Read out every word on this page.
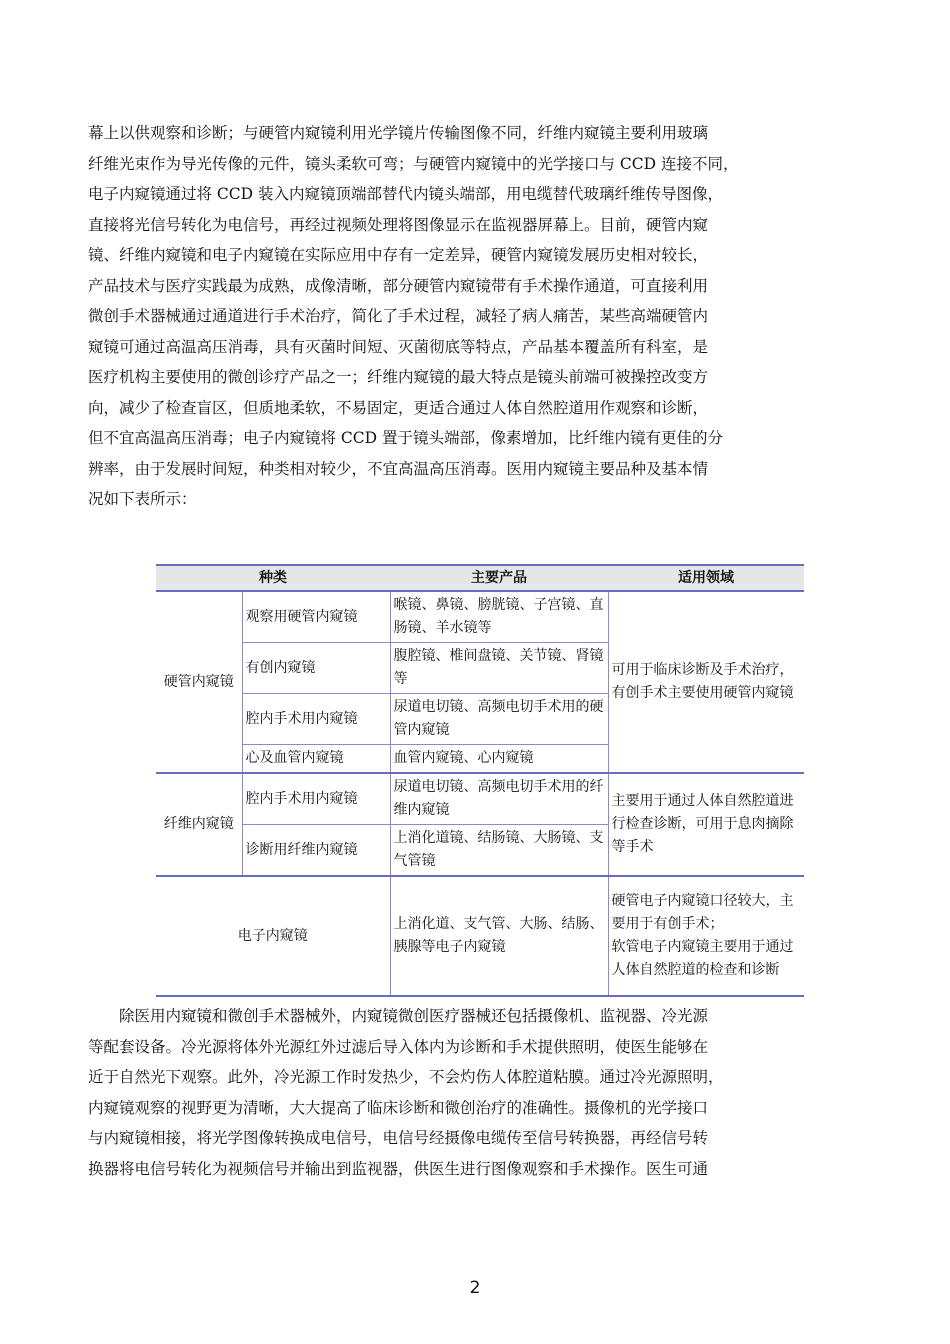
幕上以供观察和诊断；与硬管内窥镜利用光学镜片传输图像不同，纤维内窥镜主要利用玻璃
纤维光束作为导光传像的元件，镜头柔软可弯；与硬管内窥镜中的光学接口与 CCD 连接不同，
电子内窥镜通过将 CCD 装入内窥镜顶端部替代内镜头端部，用电缆替代玻璃纤维传导图像，
直接将光信号转化为电信号，再经过视频处理将图像显示在监视器屏幕上。目前，硬管内窥
镜、纤维内窥镜和电子内窥镜在实际应用中存有一定差异，硬管内窥镜发展历史相对较长，
产品技术与医疗实践最为成熟，成像清晰，部分硬管内窥镜带有手术操作通道，可直接利用
微创手术器械通过通道进行手术治疗，简化了手术过程，减轻了病人痛苦，某些高端硬管内
窥镜可通过高温高压消毒，具有灭菌时间短、灭菌彻底等特点，产品基本覆盖所有科室，是
医疗机构主要使用的微创诊疗产品之一；纤维内窥镜的最大特点是镜头前端可被操控改变方
向，减少了检查盲区，但质地柔软，不易固定，更适合通过人体自然腔道用作观察和诊断，
但不宜高温高压消毒；电子内窥镜将 CCD 置于镜头端部，像素增加，比纤维内镜有更佳的分
辨率，由于发展时间短，种类相对较少，不宜高温高压消毒。医用内窥镜主要品种及基本情
况如下表所示：
种类		主要产品	适用领域
硬管内窥镜	观察用硬管内窥镜	喉镜、鼻镜、膀胱镜、子宫镜、直肠镜、羊水镜等	可用于临床诊断及手术治疗，有创手术主要使用硬管内窥镜
	有创内窥镜	腹腔镜、椎间盘镜、关节镜、肾镜等	
	腔内手术用内窥镜	尿道电切镜、高频电切手术用的硬管内窥镜	
	心及血管内窥镜	血管内窥镜、心内窥镜	
纤维内窥镜	腔内手术用内窥镜	尿道电切镜、高频电切手术用的纤维内窥镜	主要用于通过人体自然腔道进行检查诊断，可用于息肉摘除等手术
	诊断用纤维内窥镜	上消化道镜、结肠镜、大肠镜、支气管镜	
电子内窥镜		上消化道、支气管、大肠、结肠、胰腺等电子内窥镜	硬管电子内窥镜口径较大，主要用于有创手术；
软管电子内窥镜主要用于通过人体自然腔道的检查和诊断
除医用内窥镜和微创手术器械外，内窥镜微创医疗器械还包括摄像机、监视器、冷光源
等配套设备。冷光源将体外光源红外过滤后导入体内为诊断和手术提供照明，使医生能够在
近于自然光下观察。此外，冷光源工作时发热少，不会灼伤人体腔道粘膜。通过冷光源照明，
内窥镜观察的视野更为清晰，大大提高了临床诊断和微创治疗的准确性。摄像机的光学接口
与内窥镜相接，将光学图像转换成电信号，电信号经摄像电缆传至信号转换器，再经信号转
换器将电信号转化为视频信号并输出到监视器，供医生进行图像观察和手术操作。医生可通
2
